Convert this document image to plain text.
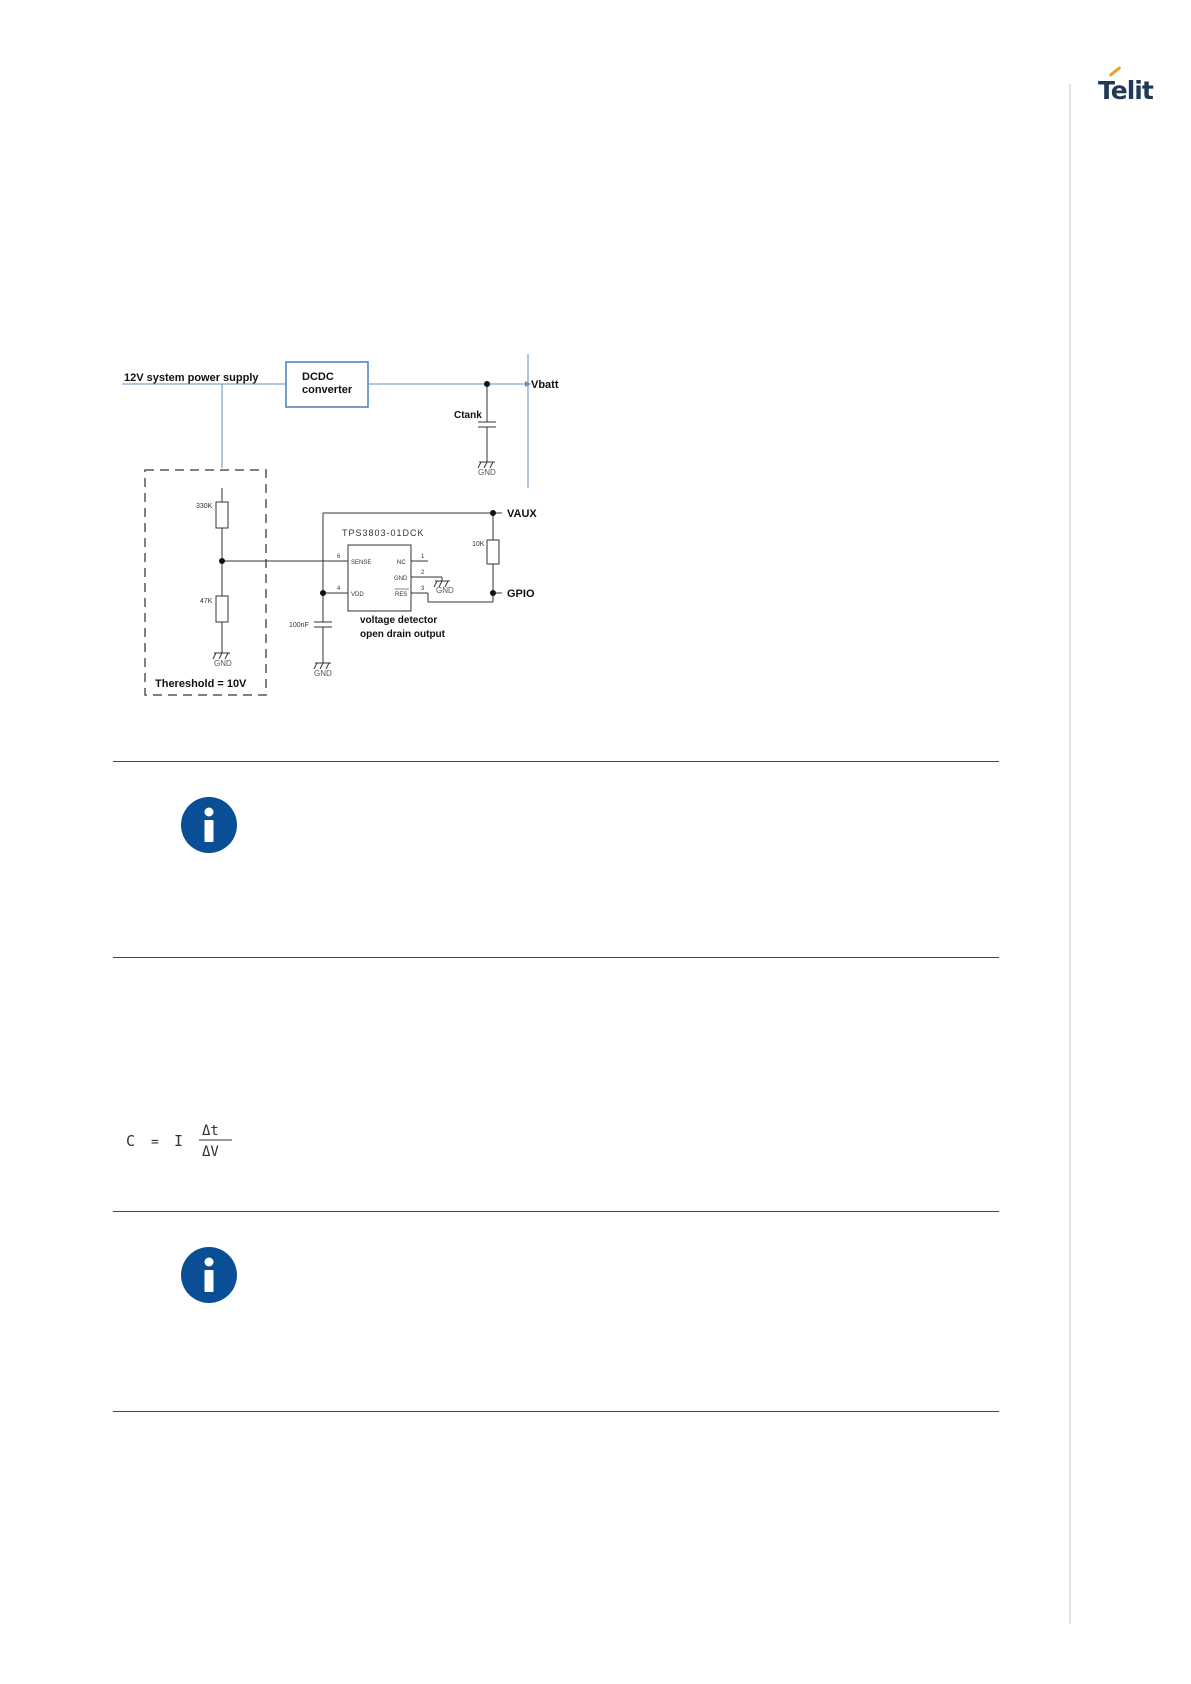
Telit
12V system power supply	DCDC
converter	Vbatt
Ctank
GND
Thereshold = 10V
330K
47K
GND
TPS3803-01DCK
SENSE
VDD
NC
GND
RES
6
4
1
2
3 GND
GND
10K
100nF
VAUX
GPIO
voltage detector
open drain output
C = I
Δt
ΔV
